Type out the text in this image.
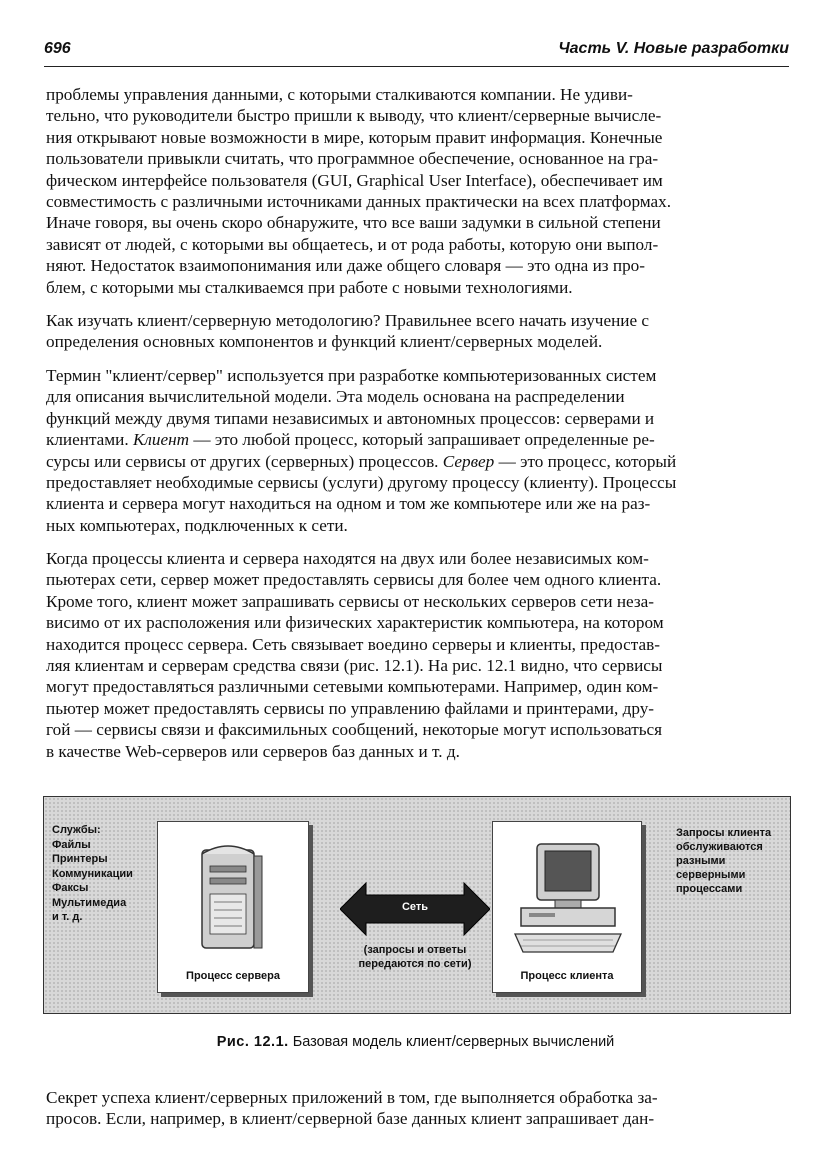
696	Часть V. Новые разработки

проблемы управления данными, с которыми сталкиваются компании. Не удиви-

тельно, что руководители быстро пришли к выводу, что клиент/серверные вычисле-

ния открывают новые возможности в мире, которым правит информация. Конечные

пользователи привыкли считать, что программное обеспечение, основанное на гра-

фическом интерфейсе пользователя (GUI, Graphical User Interface), обеспечивает им

совместимость с различными источниками данных практически на всех платформах.

Иначе говоря, вы очень скоро обнаружите, что все ваши задумки в сильной степени

зависят от людей, с которыми вы общаетесь, и от рода работы, которую они выпол-

няют. Недостаток взаимопонимания или даже общего словаря — это одна из про-

блем, с которыми мы сталкиваемся при работе с новыми технологиями.

Как изучать клиент/серверную методологию? Правильнее всего начать изучение с

определения основных компонентов и функций клиент/серверных моделей.

Термин "клиент/сервер" используется при разработке компьютеризованных систем

для описания вычислительной модели. Эта модель основана на распределении

функций между двумя типами независимых и автономных процессов: серверами и

клиентами. Клиент — это любой процесс, который запрашивает определенные ре-

сурсы или сервисы от других (серверных) процессов. Сервер — это процесс, который

предоставляет необходимые сервисы (услуги) другому процессу (клиенту). Процессы

клиента и сервера могут находиться на одном и том же компьютере или же на раз-

ных компьютерах, подключенных к сети.

Когда процессы клиента и сервера находятся на двух или более независимых ком-

пьютерах сети, сервер может предоставлять сервисы для более чем одного клиента.

Кроме того, клиент может запрашивать сервисы от нескольких серверов сети неза-

висимо от их расположения или физических характеристик компьютера, на котором

находится процесс сервера. Сеть связывает воедино серверы и клиенты, предостав-

ляя клиентам и серверам средства связи (рис. 12.1). На рис. 12.1 видно, что сервисы

могут предоставляться различными сетевыми компьютерами. Например, один ком-

пьютер может предоставлять сервисы по управлению файлами и принтерами, дру-

гой — сервисы связи и факсимильных сообщений, некоторые могут использоваться

в качестве Web-серверов или серверов баз данных и т. д.

Службы:
Файлы
Принтеры
Коммуникации
Факсы
Мультимедиа
и т. д.
Процесс сервера
Сеть
(запросы и ответы
передаются по сети)
Процесс клиента
Запросы клиента
обслуживаются
разными
серверными
процессами
Рис. 12.1. Базовая модель клиент/серверных вычислений

Секрет успеха клиент/серверных приложений в том, где выполняется обработка за-

просов. Если, например, в клиент/серверной базе данных клиент запрашивает дан-
